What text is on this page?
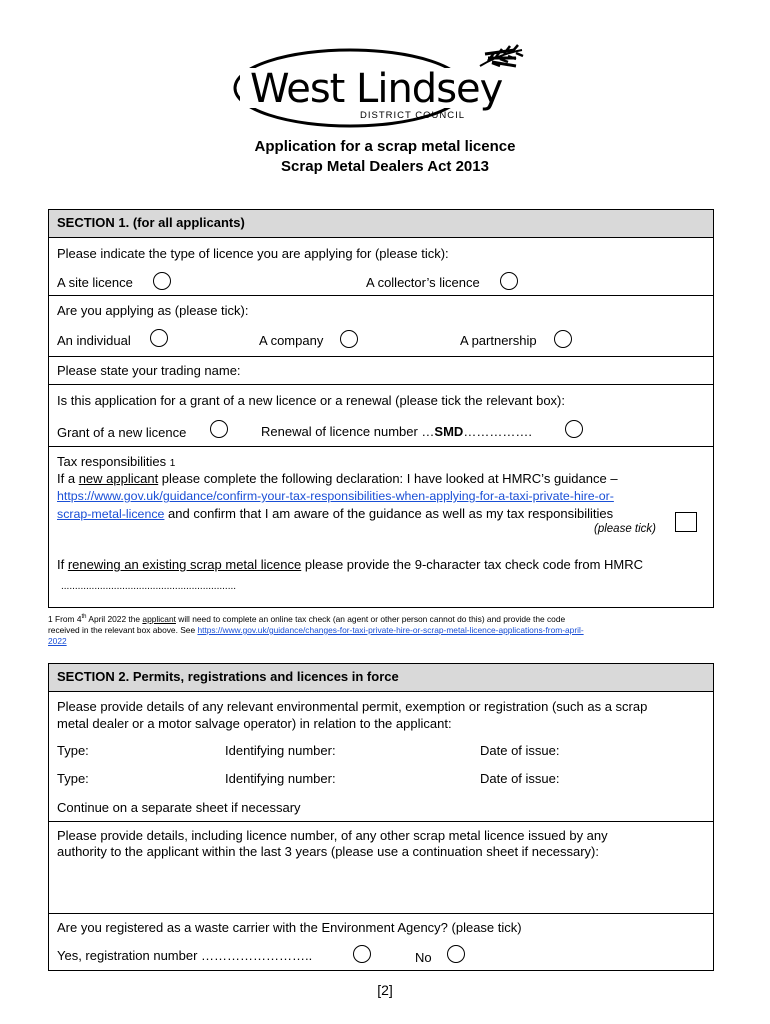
West Lindsey
DISTRICT COUNCIL
Application for a scrap metal licence
Scrap Metal Dealers Act 2013
SECTION 1. (for all applicants)
Please indicate the type of licence you are applying for (please tick):
A site licence	A collector’s licence
Are you applying as (please tick):
An individual	A company	A partnership
Please state your trading name:
Is this application for a grant of a new licence or a renewal (please tick the relevant box):
Grant of a new licence	Renewal of licence number …SMD…………….
Tax responsibilities 1
If a new applicant please complete the following declaration: I have looked at HMRC’s guidance –
https://www.gov.uk/guidance/confirm-your-tax-responsibilities-when-applying-for-a-taxi-private-hire-or-
scrap-metal-licence and confirm that I am aware of the guidance as well as my tax responsibilities
(please tick)
If renewing an existing scrap metal licence please provide the 9-character tax check code from HMRC
...............................................................
1 From 4th April 2022 the applicant will need to complete an online tax check (an agent or other person cannot do this) and provide the code
received in the relevant box above. See https://www.gov.uk/guidance/changes-for-taxi-private-hire-or-scrap-metal-licence-applications-from-april-
2022
SECTION 2. Permits, registrations and licences in force
Please provide details of any relevant environmental permit, exemption or registration (such as a scrap
metal dealer or a motor salvage operator) in relation to the applicant:
Type:	Identifying number:	Date of issue:
Type:	Identifying number:	Date of issue:
Continue on a separate sheet if necessary
Please provide details, including licence number, of any other scrap metal licence issued by any
authority to the applicant within the last 3 years (please use a continuation sheet if necessary):
Are you registered as a waste carrier with the Environment Agency? (please tick)
Yes, registration number ……………………..	No
[2]
